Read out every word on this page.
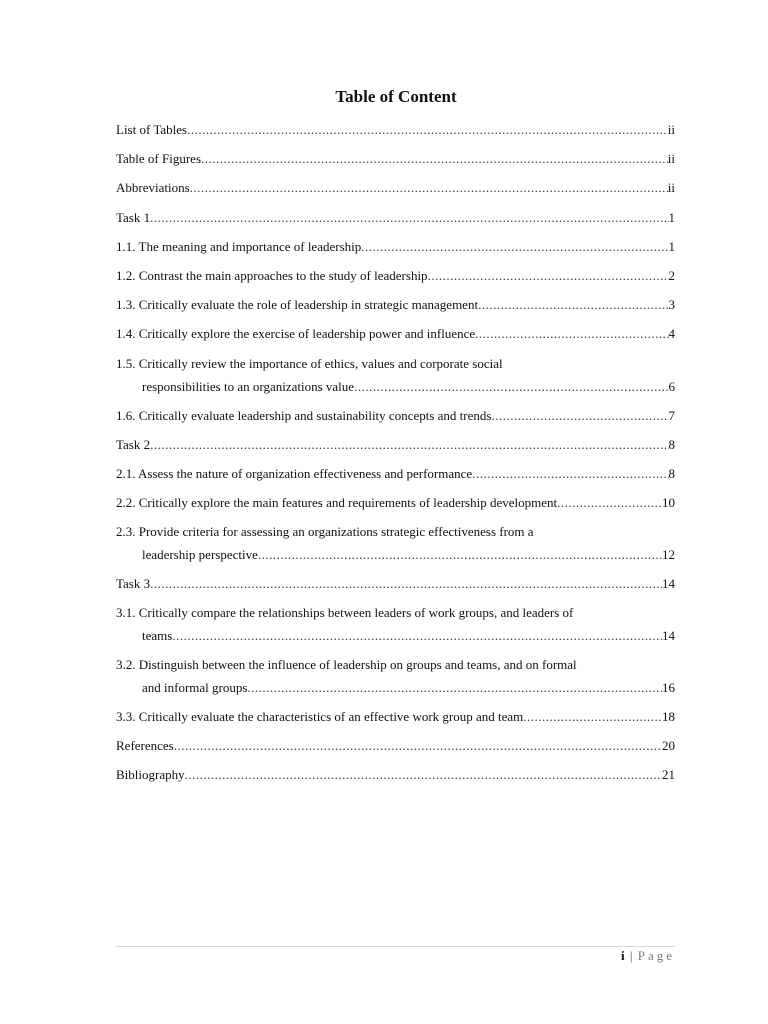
Table of Content
List of Tables .....	ii
Table of Figures .....	ii
Abbreviations .....	ii
Task 1 .....	1
1.1. The meaning and importance of leadership .....	1
1.2. Contrast the main approaches to the study of leadership .....	2
1.3. Critically evaluate the role of leadership in strategic management .....	3
1.4. Critically explore the exercise of leadership power and influence .....	4
1.5. Critically review the importance of ethics, values and corporate social
responsibilities to an organizations value .....	6
1.6. Critically evaluate leadership and sustainability concepts and trends .....	7
Task 2 .....	8
2.1. Assess the nature of organization effectiveness and performance .....	8
2.2. Critically explore the main features and requirements of leadership development .....	10
2.3. Provide criteria for assessing an organizations strategic effectiveness from a
leadership perspective .....	12
Task 3 .....	14
3.1. Critically compare the relationships between leaders of work groups, and leaders of
teams .....	14
3.2. Distinguish between the influence of leadership on groups and teams, and on formal
and informal groups .....	16
3.3. Critically evaluate the characteristics of an effective work group and team .....	18
References .....	20
Bibliography .....	21
i | Page
